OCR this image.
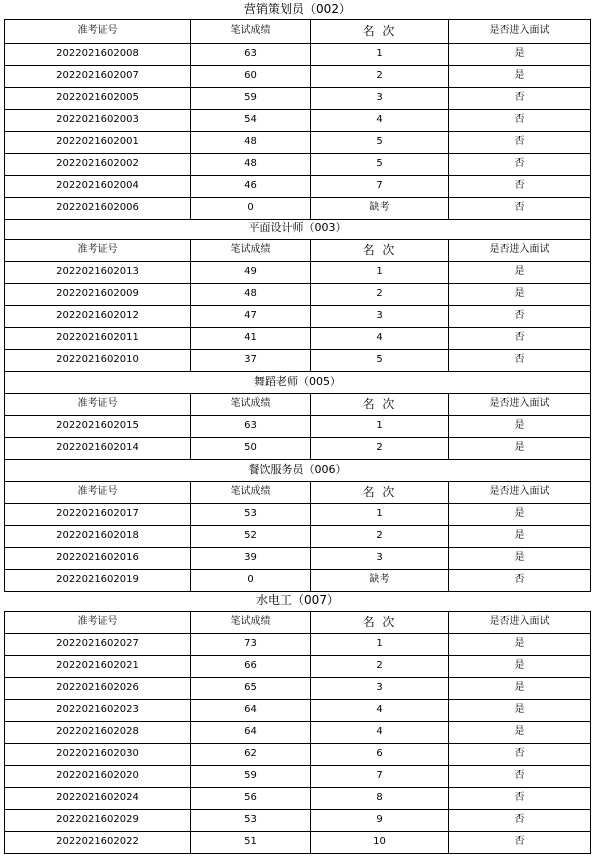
营销策划员（002）			
准考证号	笔试成绩	名 次	是否进入面试
2022021602008	63	1	是
2022021602007	60	2	是
2022021602005	59	3	否
2022021602003	54	4	否
2022021602001	48	5	否
2022021602002	48	5	否
2022021602004	46	7	否
2022021602006	0	缺考	否
平面设计师（003）			
准考证号	笔试成绩	名 次	是否进入面试
2022021602013	49	1	是
2022021602009	48	2	是
2022021602012	47	3	否
2022021602011	41	4	否
2022021602010	37	5	否
舞蹈老师（005）			
准考证号	笔试成绩	名 次	是否进入面试
2022021602015	63	1	是
2022021602014	50	2	是
餐饮服务员（006）			
准考证号	笔试成绩	名 次	是否进入面试
2022021602017	53	1	是
2022021602018	52	2	是
2022021602016	39	3	是
2022021602019	0	缺考	否
水电工（007）			
准考证号	笔试成绩	名 次	是否进入面试
2022021602027	73	1	是
2022021602021	66	2	是
2022021602026	65	3	是
2022021602023	64	4	是
2022021602028	64	4	是
2022021602030	62	6	否
2022021602020	59	7	否
2022021602024	56	8	否
2022021602029	53	9	否
2022021602022	51	10	否
